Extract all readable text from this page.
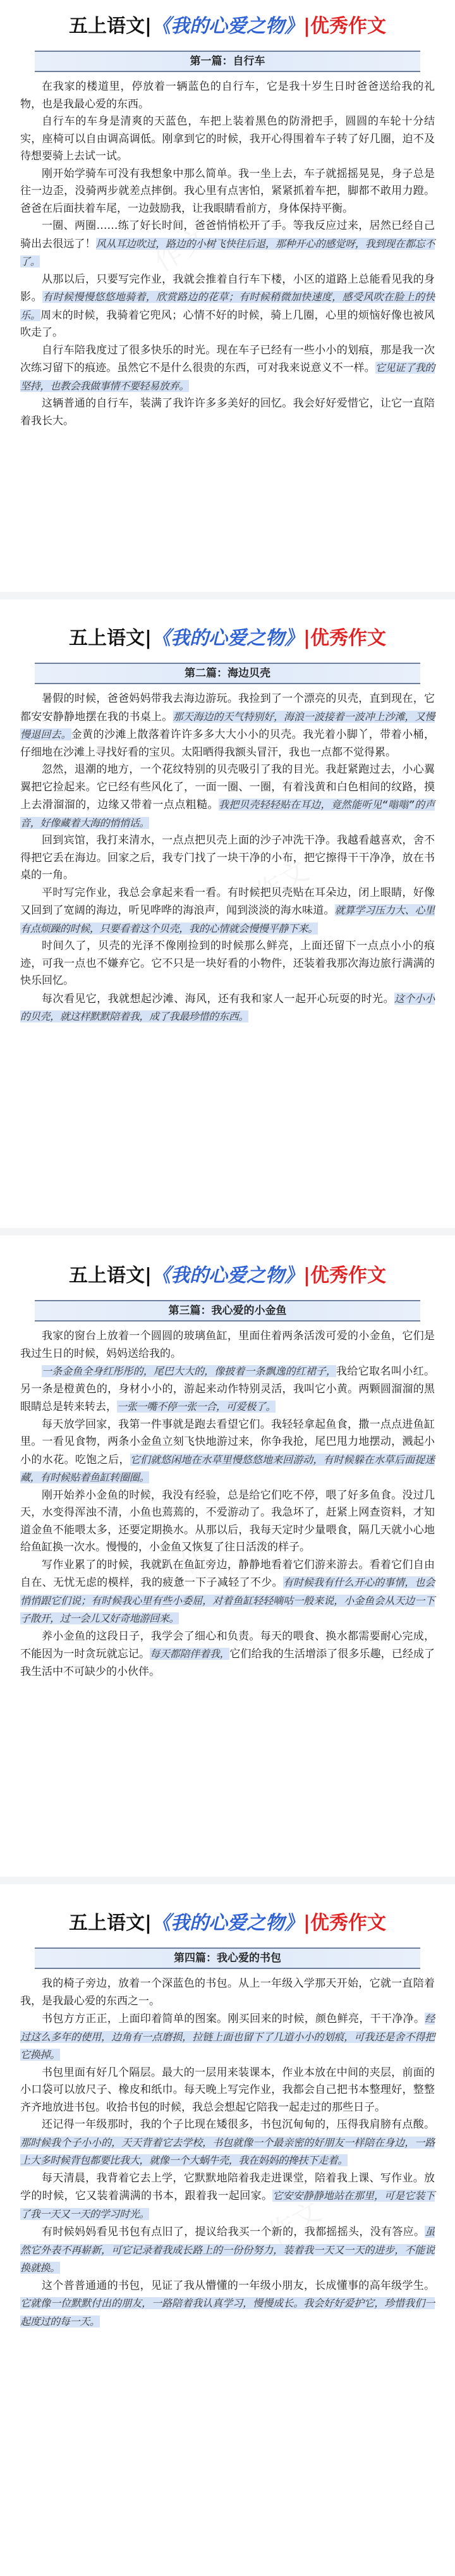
作文
作文
作文
作文
五上语文|《我的心爱之物》|优秀作文
第一篇：自行车

在我家的楼道里，停放着一辆蓝色的自行车，它是我十岁生日时爸爸送给我的礼物，也是我最心爱的东西。

自行车的车身是清爽的天蓝色，车把上装着黑色的防滑把手，圆圆的车轮十分结实，座椅可以自由调高调低。刚拿到它的时候，我开心得围着车子转了好几圈，迫不及待想要骑上去试一试。

刚开始学骑车可没有我想象中那么简单。我一坐上去，车子就摇摇晃晃，身子总是往一边歪，没骑两步就差点摔倒。我心里有点害怕，紧紧抓着车把，脚都不敢用力蹬。爸爸在后面扶着车尾，一边鼓励我，让我眼睛看前方，身体保持平衡。

一圈、两圈……练了好长时间，爸爸悄悄松开了手。等我反应过来，居然已经自己骑出去很远了！风从耳边吹过，路边的小树飞快往后退，那种开心的感觉呀，我到现在都忘不了。

从那以后，只要写完作业，我就会推着自行车下楼，小区的道路上总能看见我的身影。有时候慢慢悠悠地骑着，欣赏路边的花草；有时候稍微加快速度，感受风吹在脸上的快乐。周末的时候，我骑着它兜风；心情不好的时候，骑上几圈，心里的烦恼好像也被风吹走了。

自行车陪我度过了很多快乐的时光。现在车子已经有一些小小的划痕，那是我一次次练习留下的痕迹。虽然它不是什么很贵的东西，可对我来说意义不一样。它见证了我的坚持，也教会我做事情不要轻易放弃。

这辆普通的自行车，装满了我许许多多美好的回忆。我会好好爱惜它，让它一直陪着我长大。

五上语文|《我的心爱之物》|优秀作文
第二篇：海边贝壳

暑假的时候，爸爸妈妈带我去海边游玩。我捡到了一个漂亮的贝壳，直到现在，它都安安静静地摆在我的书桌上。那天海边的天气特别好，海浪一波接着一波冲上沙滩，又慢慢退回去。金黄的沙滩上散落着许许多多大大小小的贝壳。我光着小脚丫，带着小桶，仔细地在沙滩上寻找好看的宝贝。太阳晒得我额头冒汗，我也一点都不觉得累。

忽然，退潮的地方，一个花纹特别的贝壳吸引了我的目光。我赶紧跑过去，小心翼翼把它捡起来。它已经有些风化了，一面一圈、一圈，有着浅黄和白色相间的纹路，摸上去滑溜溜的，边缘又带着一点点粗糙。我把贝壳轻轻贴在耳边，竟然能听见“嗡嗡”的声音，好像藏着大海的悄悄话。

回到宾馆，我打来清水，一点点把贝壳上面的沙子冲洗干净。我越看越喜欢，舍不得把它丢在海边。回家之后，我专门找了一块干净的小布，把它擦得干干净净，放在书桌的一角。

平时写完作业，我总会拿起来看一看。有时候把贝壳贴在耳朵边，闭上眼睛，好像又回到了宽阔的海边，听见哗哗的海浪声，闻到淡淡的海水味道。就算学习压力大、心里有点烦躁的时候，只要看着这个贝壳，我的心情就会慢慢平静下来。

时间久了，贝壳的光泽不像刚捡到的时候那么鲜亮，上面还留下一点点小小的痕迹，可我一点也不嫌弃它。它不只是一块好看的小物件，还装着我那次海边旅行满满的快乐回忆。

每次看见它，我就想起沙滩、海风，还有我和家人一起开心玩耍的时光。这个小小的贝壳，就这样默默陪着我，成了我最珍惜的东西。

五上语文|《我的心爱之物》|优秀作文
第三篇：我心爱的小金鱼

我家的窗台上放着一个圆圆的玻璃鱼缸，里面住着两条活泼可爱的小金鱼，它们是我过生日的时候，妈妈送给我的。

一条金鱼全身红彤彤的，尾巴大大的，像披着一条飘逸的红裙子，我给它取名叫小红。另一条是橙黄色的，身材小小的，游起来动作特别灵活，我叫它小黄。两颗圆溜溜的黑眼睛总是转来转去，一张一嘴不停一张一合，可爱极了。

每天放学回家，我第一件事就是跑去看望它们。我轻轻拿起鱼食，撒一点点进鱼缸里。一看见食物，两条小金鱼立刻飞快地游过来，你争我抢，尾巴甩力地摆动，溅起小小的水花。吃饱之后，它们就悠闲地在水草里慢悠悠地来回游动，有时候躲在水草后面捉迷藏，有时候贴着鱼缸转圈圈。

刚开始养小金鱼的时候，我没有经验，总是给它们吃不停，喂了好多鱼食。没过几天，水变得浑浊不清，小鱼也蔫蔫的，不爱游动了。我急坏了，赶紧上网查资料，才知道金鱼不能喂太多，还要定期换水。从那以后，我每天定时少量喂食，隔几天就小心地给鱼缸换一次水。慢慢的，小金鱼又恢复了往日活泼的样子。

写作业累了的时候，我就趴在鱼缸旁边，静静地看着它们游来游去。看着它们自由自在、无忧无虑的模样，我的疲惫一下子减轻了不少。有时候我有什么开心的事情，也会悄悄跟它们说；有时候我心里有些小委屈，对着鱼缸轻轻嘀咕一般来说，小金鱼会从天边一下子散开，过一会儿又好奇地游回来。

养小金鱼的这段日子，我学会了细心和负责。每天的喂食、换水都需要耐心完成，不能因为一时贪玩就忘记。每天都陪伴着我，它们给我的生活增添了很多乐趣，已经成了我生活中不可缺少的小伙伴。

五上语文|《我的心爱之物》|优秀作文
第四篇：我心爱的书包

我的椅子旁边，放着一个深蓝色的书包。从上一年级入学那天开始，它就一直陪着我，是我最心爱的东西之一。

书包方方正正，上面印着简单的图案。刚买回来的时候，颜色鲜亮，干干净净。经过这么多年的使用，边角有一点磨损，拉链上面也留下了几道小小的划痕，可我还是舍不得把它换掉。

书包里面有好几个隔层。最大的一层用来装课本，作业本放在中间的夹层，前面的小口袋可以放尺子、橡皮和纸巾。每天晚上写完作业，我都会自己把书本整理好，整整齐齐地放进书包。收拾书包的时候，我总会想起它陪我一起走过的那些日子。

还记得一年级那时，我的个子比现在矮很多，书包沉甸甸的，压得我肩膀有点酸。那时候我个子小小的，天天背着它去学校，书包就像一个最亲密的好朋友一样陪在身边，一路上大多时候背包都要比我大，就像一个大蜗牛壳，我在妈妈的搀扶下走着。

每天清晨，我背着它去上学，它默默地陪着我走进课堂，陪着我上课、写作业。放学的时候，它又装着满满的书本，跟着我一起回家。它安安静静地站在那里，可是它装下了我一天又一天的学习时光。

有时候妈妈看见书包有点旧了，提议给我买一个新的，我都摇摇头，没有答应。虽然它外表不再崭新，可它记录着我成长路上的一份份努力，装着我一天又一天的进步，不能说换就换。

这个普普通通的书包，见证了我从懵懂的一年级小朋友，长成懂事的高年级学生。它就像一位默默付出的朋友，一路陪着我认真学习，慢慢成长。我会好好爱护它，珍惜我们一起度过的每一天。
